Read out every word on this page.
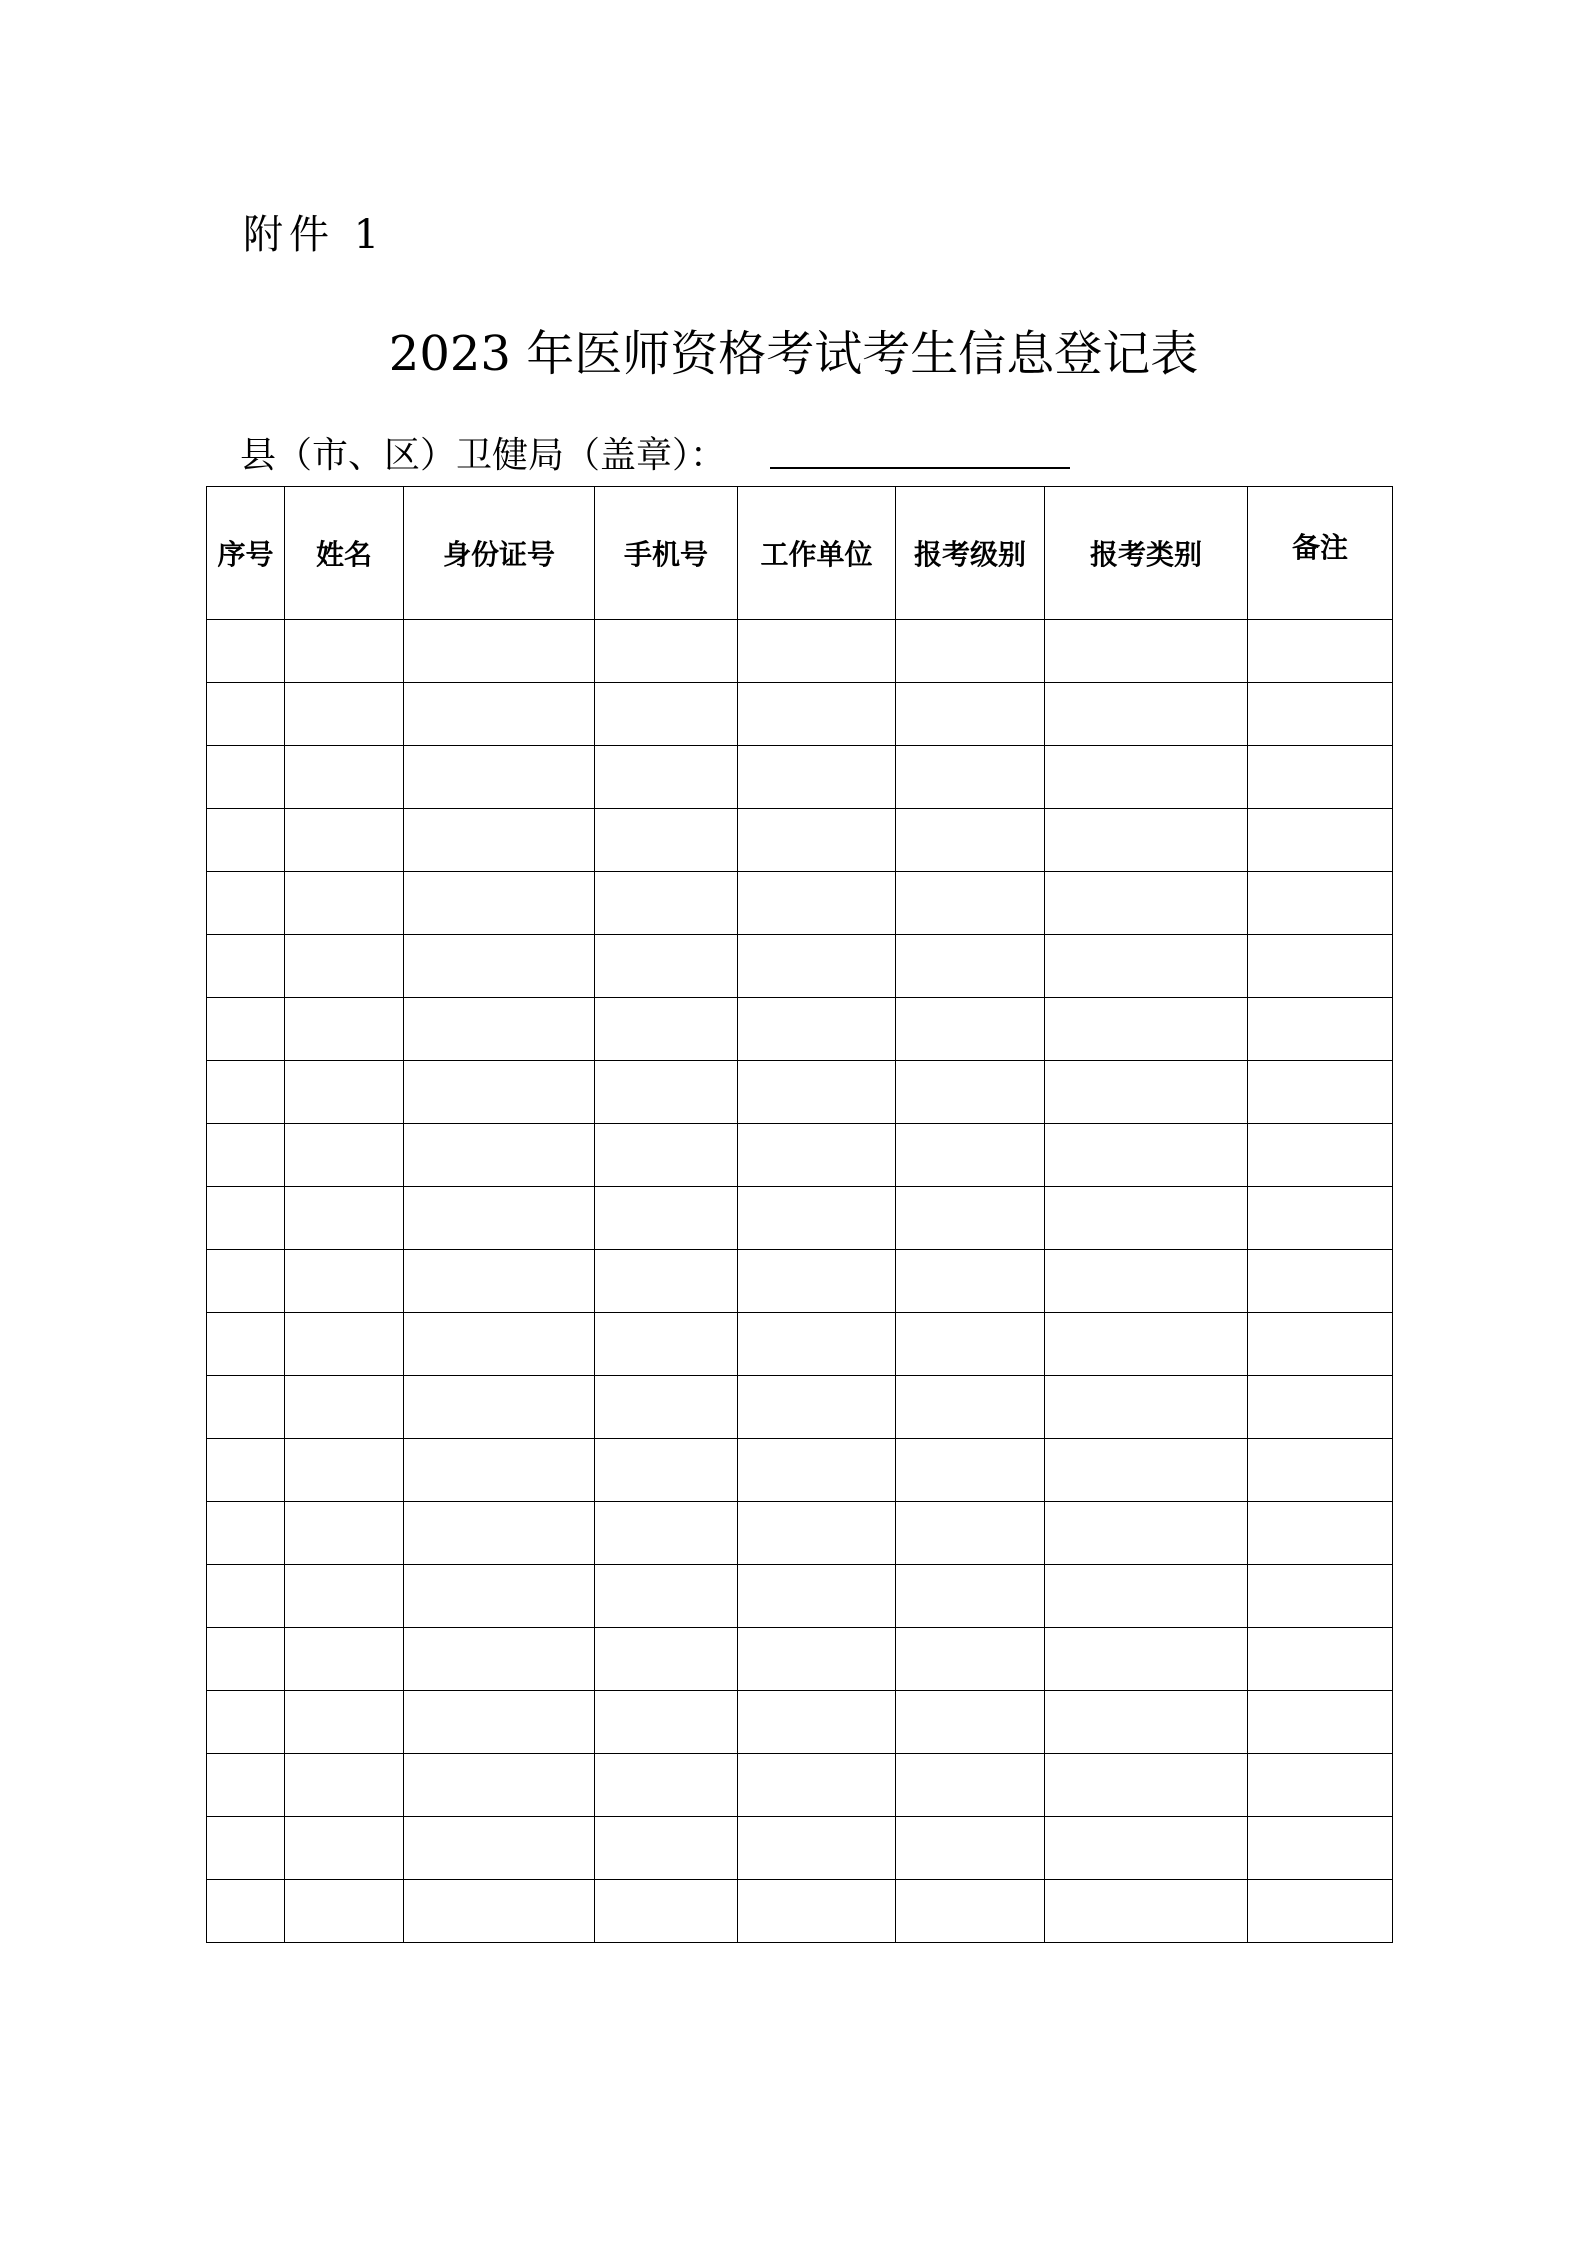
附件 1
2023 年医师资格考试考生信息登记表
县（市、区）卫健局（盖章）：
序号	姓名	身份证号	手机号	工作单位	报考级别	报考类别	备注
